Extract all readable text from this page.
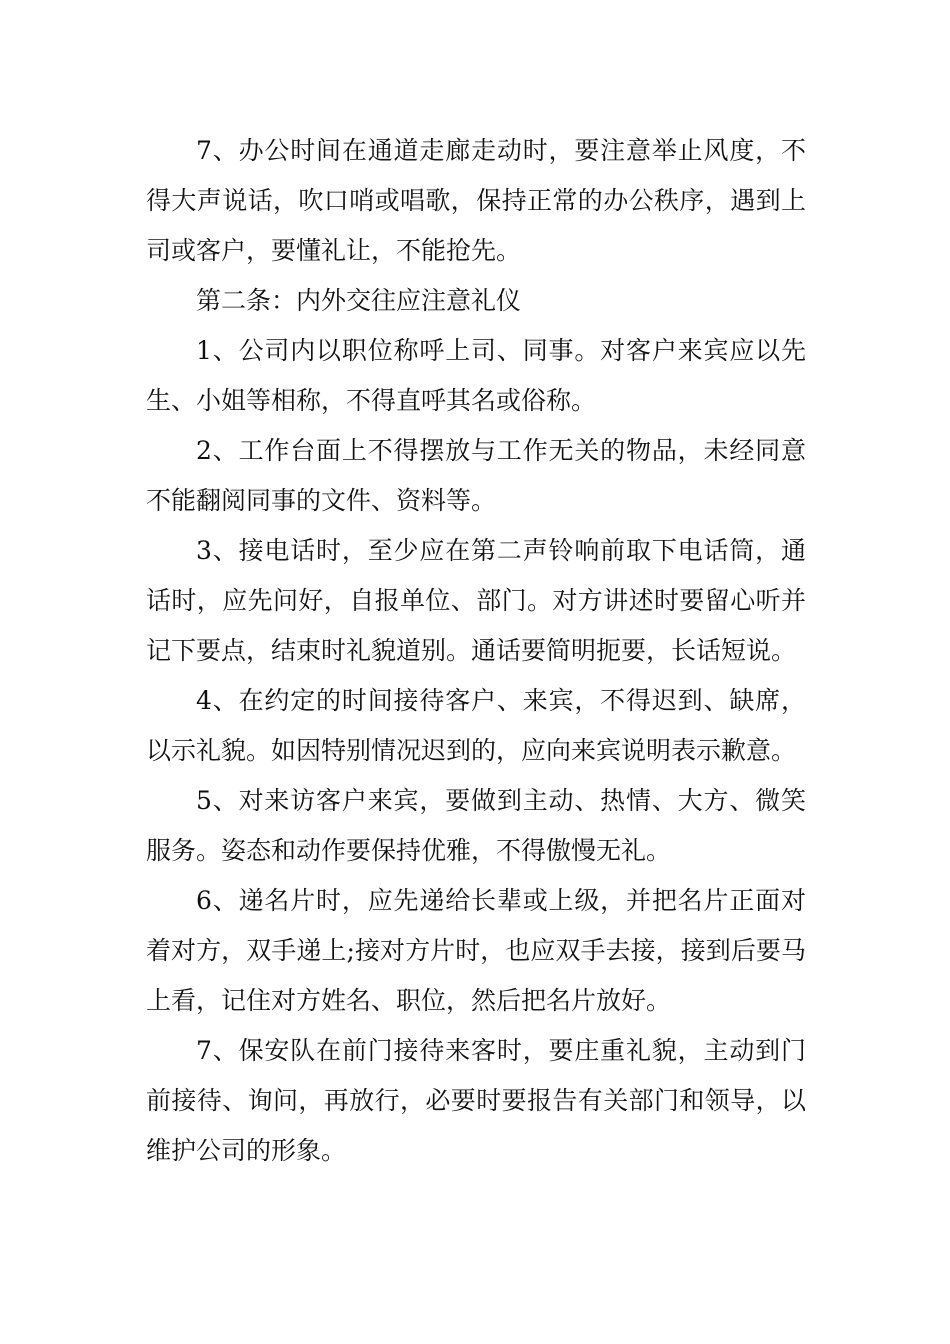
7、办公时间在通道走廊走动时，要注意举止风度，不得大声说话，吹口哨或唱歌，保持正常的办公秩序，遇到上司或客户，要懂礼让，不能抢先。

第二条：内外交往应注意礼仪

1、公司内以职位称呼上司、同事。对客户来宾应以先生、小姐等相称，不得直呼其名或俗称。

2、工作台面上不得摆放与工作无关的物品，未经同意不能翻阅同事的文件、资料等。

3、接电话时，至少应在第二声铃响前取下电话筒，通话时，应先问好，自报单位、部门。对方讲述时要留心听并记下要点，结束时礼貌道别。通话要简明扼要，长话短说。

4、在约定的时间接待客户、来宾，不得迟到、缺席，以示礼貌。如因特别情况迟到的，应向来宾说明表示歉意。

5、对来访客户来宾，要做到主动、热情、大方、微笑服务。姿态和动作要保持优雅，不得傲慢无礼。

6、递名片时，应先递给长辈或上级，并把名片正面对着对方，双手递上;接对方片时，也应双手去接，接到后要马上看，记住对方姓名、职位，然后把名片放好。

7、保安队在前门接待来客时，要庄重礼貌，主动到门前接待、询问，再放行，必要时要报告有关部门和领导，以维护公司的形象。
